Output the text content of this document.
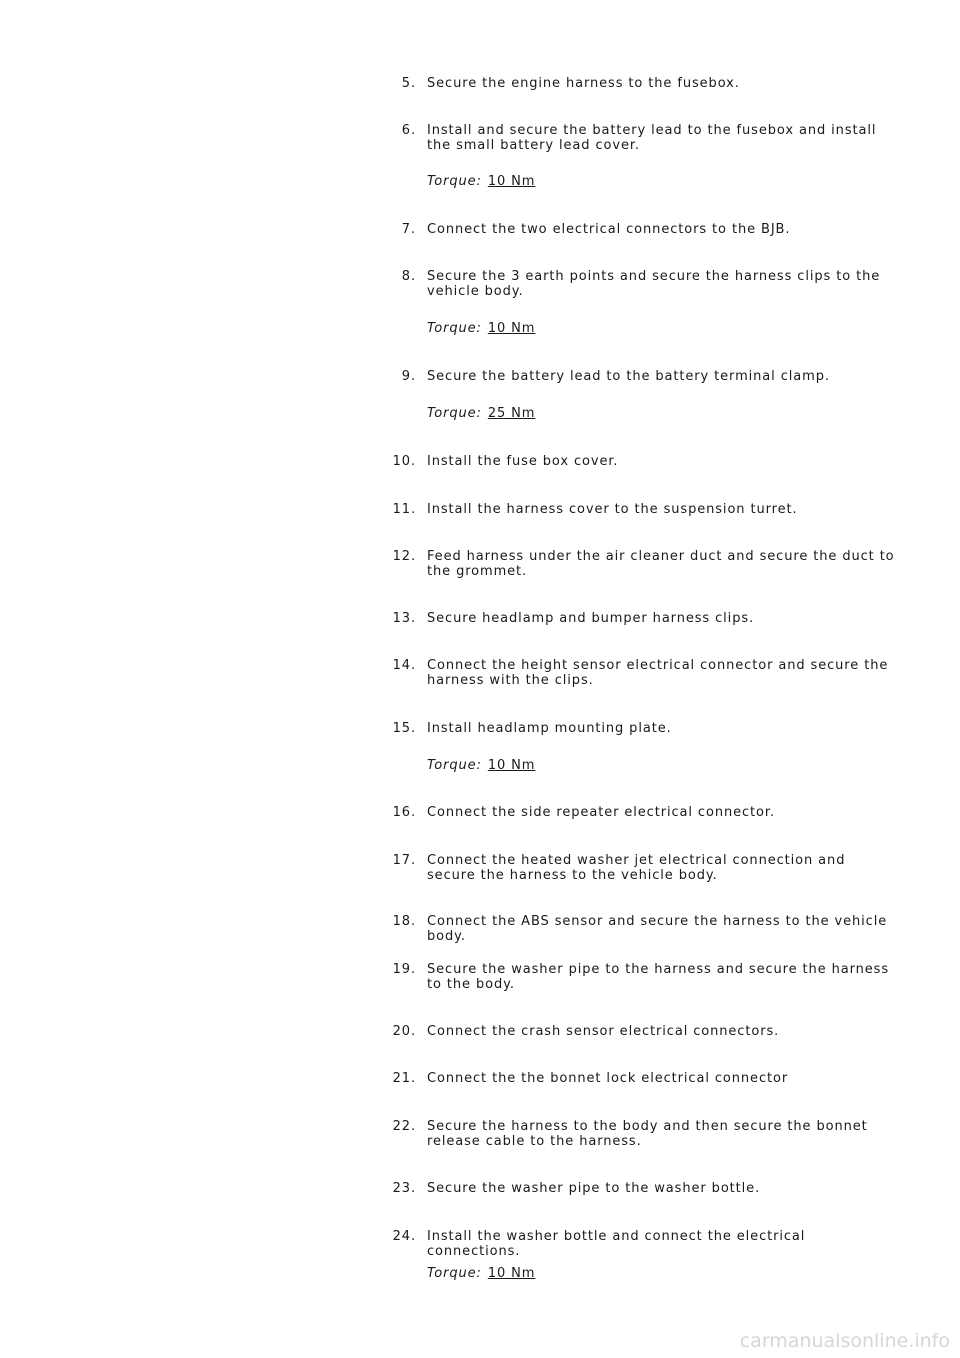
5. Secure the engine harness to the fusebox.
6. Install and secure the battery lead to the fusebox and install the small battery lead cover.
Torque: 10 Nm
7. Connect the two electrical connectors to the BJB.
8. Secure the 3 earth points and secure the harness clips to the vehicle body.
Torque: 10 Nm
9. Secure the battery lead to the battery terminal clamp.
Torque: 25 Nm
10. Install the fuse box cover.
11. Install the harness cover to the suspension turret.
12. Feed harness under the air cleaner duct and secure the duct to the grommet.
13. Secure headlamp and bumper harness clips.
14. Connect the height sensor electrical connector and secure the harness with the clips.
15. Install headlamp mounting plate.
Torque: 10 Nm
16. Connect the side repeater electrical connector.
17. Connect the heated washer jet electrical connection and secure the harness to the vehicle body.
18. Connect the ABS sensor and secure the harness to the vehicle body.
19. Secure the washer pipe to the harness and secure the harness to the body.
20. Connect the crash sensor electrical connectors.
21. Connect the the bonnet lock electrical connector
22. Secure the harness to the body and then secure the bonnet release cable to the harness.
23. Secure the washer pipe to the washer bottle.
24. Install the washer bottle and connect the electrical connections.
Torque: 10 Nm
carmanualsonline.info
